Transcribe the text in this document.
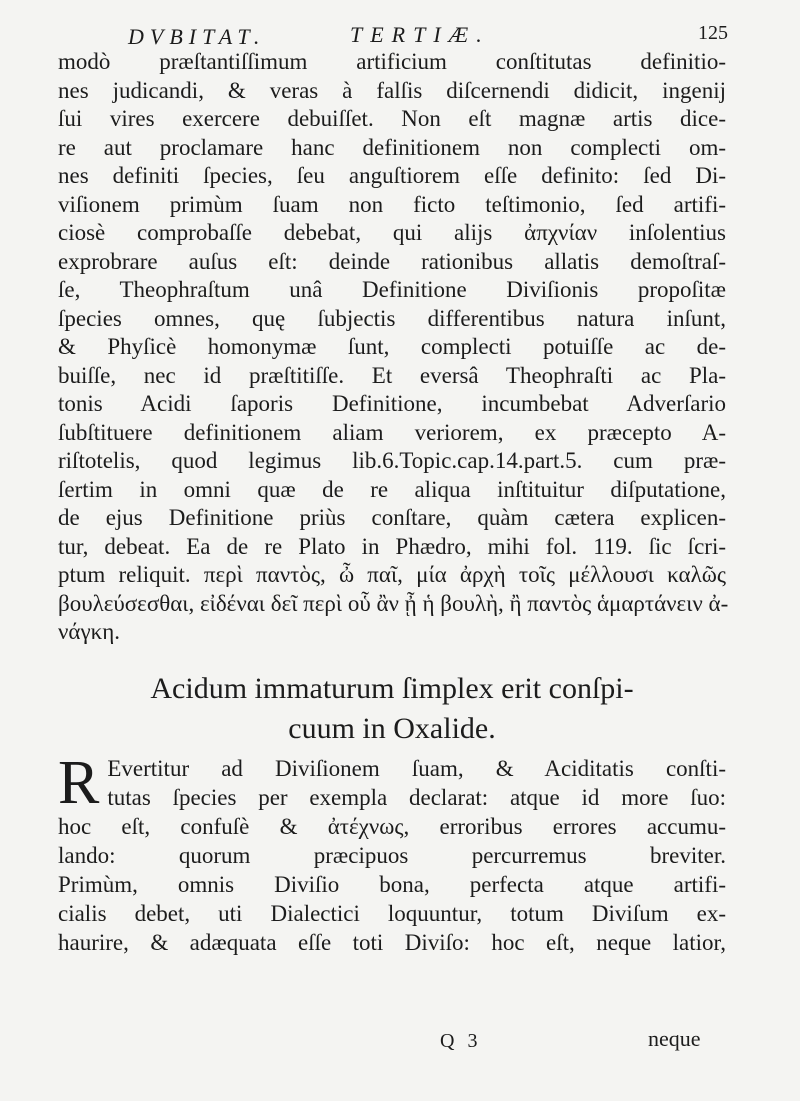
DVBITAT.	TERTIÆ.	125
modò præſtantiſſimum artificium conſtitutas definitio-
nes judicandi, & veras à falſis diſcernendi didicit, ingenij
ſui vires exercere debuiſſet. Non eſt magnæ artis dice-
re aut proclamare hanc definitionem non complecti om-
nes definiti ſpecies, ſeu anguſtiorem eſſe definito: ſed Di-
viſionem primùm ſuam non ficto teſtimonio, ſed artifi-
ciosè comprobaſſe debebat, qui alijs ἀπχνίαν inſolentius
exprobrare auſus eſt: deinde rationibus allatis demoſtraſ-
ſe, Theophraſtum unâ Definitione Diviſionis propoſitæ
ſpecies omnes, quę ſubjectis differentibus natura inſunt,
& Phyſicè homonymæ ſunt, complecti potuiſſe ac de-
buiſſe, nec id præſtitiſſe. Et eversâ Theophraſti ac Pla-
tonis Acidi ſaporis Definitione, incumbebat Adverſario
ſubſtituere definitionem aliam veriorem, ex præcepto A-
riſtotelis, quod legimus lib.6.Topic.cap.14.part.5. cum præ-
ſertim in omni quæ de re aliqua inſtituitur diſputatione,
de ejus Definitione priùs conſtare, quàm cætera explicen-
tur, debeat. Ea de re Plato in Phædro, mihi fol. 119. ſic ſcri-
ptum reliquit. περὶ παντὸς, ὦ παῖ, μία ἀρχὴ τοῖς μέλλουσι καλῶς
βουλεύσεσθαι, εἰδέναι δεῖ περὶ οὗ ἂν ᾖ ἡ βουλὴ, ἢ παντὸς ἁμαρτάνειν ἀ-
νάγκη.
Acidum immaturum ſimplex erit conſpi-
cuum in Oxalide.
R Evertitur ad Diviſionem ſuam, & Aciditatis conſti-
tutas ſpecies per exempla declarat: atque id more ſuo:
hoc eſt, confuſè & ἀτέχνως, erroribus errores accumu-
lando: quorum præcipuos percurremus breviter.
Primùm, omnis Diviſio bona, perfecta atque artifi-
cialis debet, uti Dialectici loquuntur, totum Diviſum ex-
haurire, & adæquata eſſe toti Diviſo: hoc eſt, neque latior,
Q 3	neque
